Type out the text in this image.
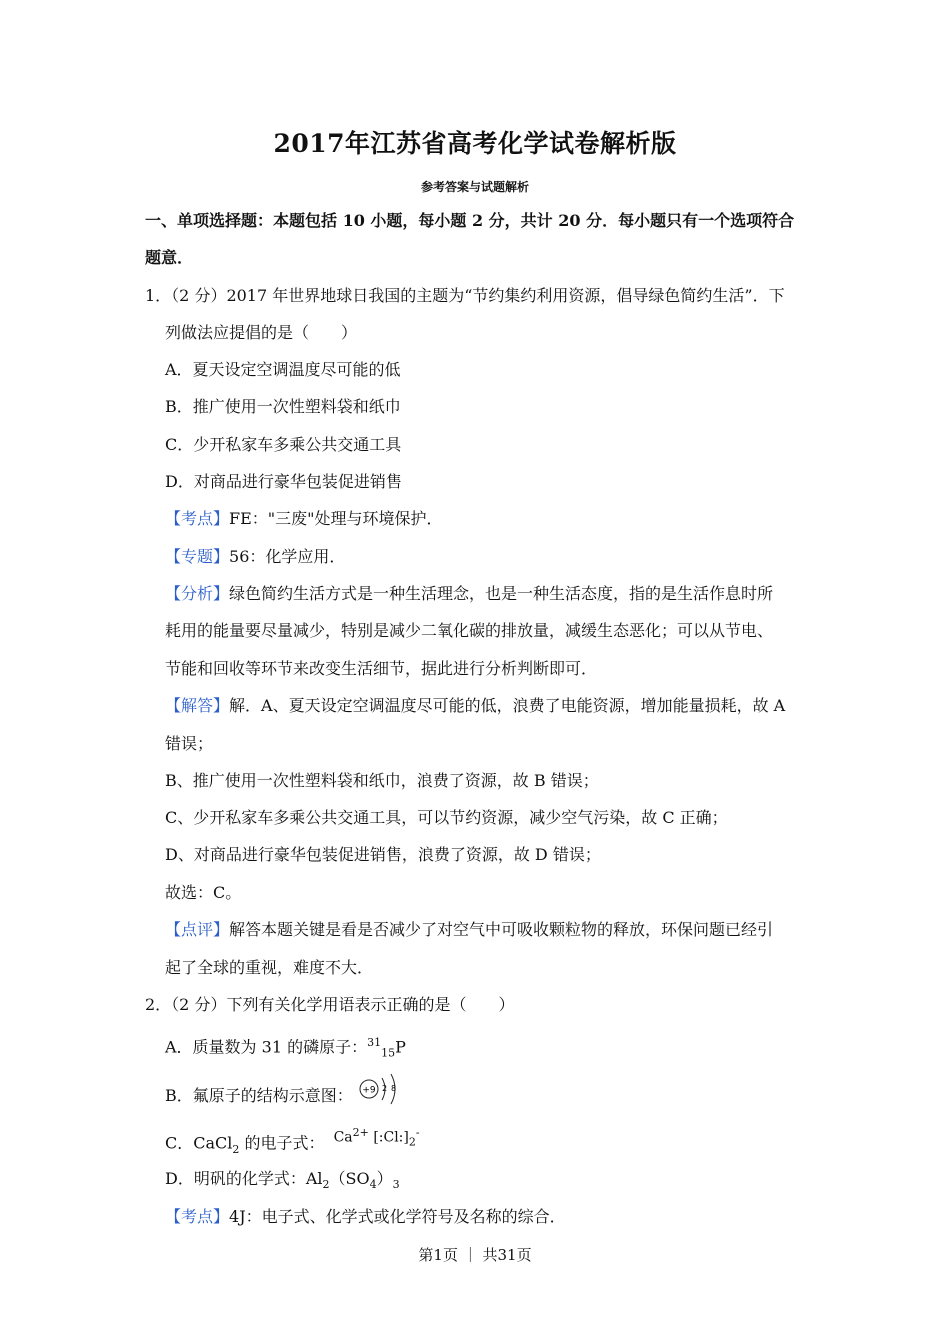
2017年江苏省高考化学试卷解析版
参考答案与试题解析
一、单项选择题：本题包括 10 小题，每小题 2 分，共计 20 分．每小题只有一个选项符合
题意．
1．（2 分）2017 年世界地球日我国的主题为“节约集约利用资源，倡导绿色简约生活”．下
列做法应提倡的是（　　）
A．夏天设定空调温度尽可能的低
B．推广使用一次性塑料袋和纸巾
C．少开私家车多乘公共交通工具
D．对商品进行豪华包装促进销售
【考点】FE："三废"处理与环境保护．
【专题】56：化学应用．
【分析】绿色简约生活方式是一种生活理念，也是一种生活态度，指的是生活作息时所
耗用的能量要尽量减少，特别是减少二氧化碳的排放量，减缓生态恶化；可以从节电、
节能和回收等环节来改变生活细节，据此进行分析判断即可．
【解答】解．A、夏天设定空调温度尽可能的低，浪费了电能资源，增加能量损耗，故 A
错误；
B、推广使用一次性塑料袋和纸巾，浪费了资源，故 B 错误；
C、少开私家车多乘公共交通工具，可以节约资源，减少空气污染，故 C 正确；
D、对商品进行豪华包装促进销售，浪费了资源，故 D 错误；
故选：C。
【点评】解答本题关键是看是否减少了对空气中可吸收颗粒物的释放，环保问题已经引
起了全球的重视，难度不大．
2．（2 分）下列有关化学用语表示正确的是（　　）
A．质量数为 31 的磷原子：$^{31}_{15}$P
B．氟原子的结构示意图： +9 2 8
C．CaCl$_2$ 的电子式： $Ca^{2+}$ $[:Cl:]_2^-$
D．明矾的化学式：$Al_2(SO_4)_3$
【考点】4J：电子式、化学式或化学符号及名称的综合．
第1页 ｜ 共31页
